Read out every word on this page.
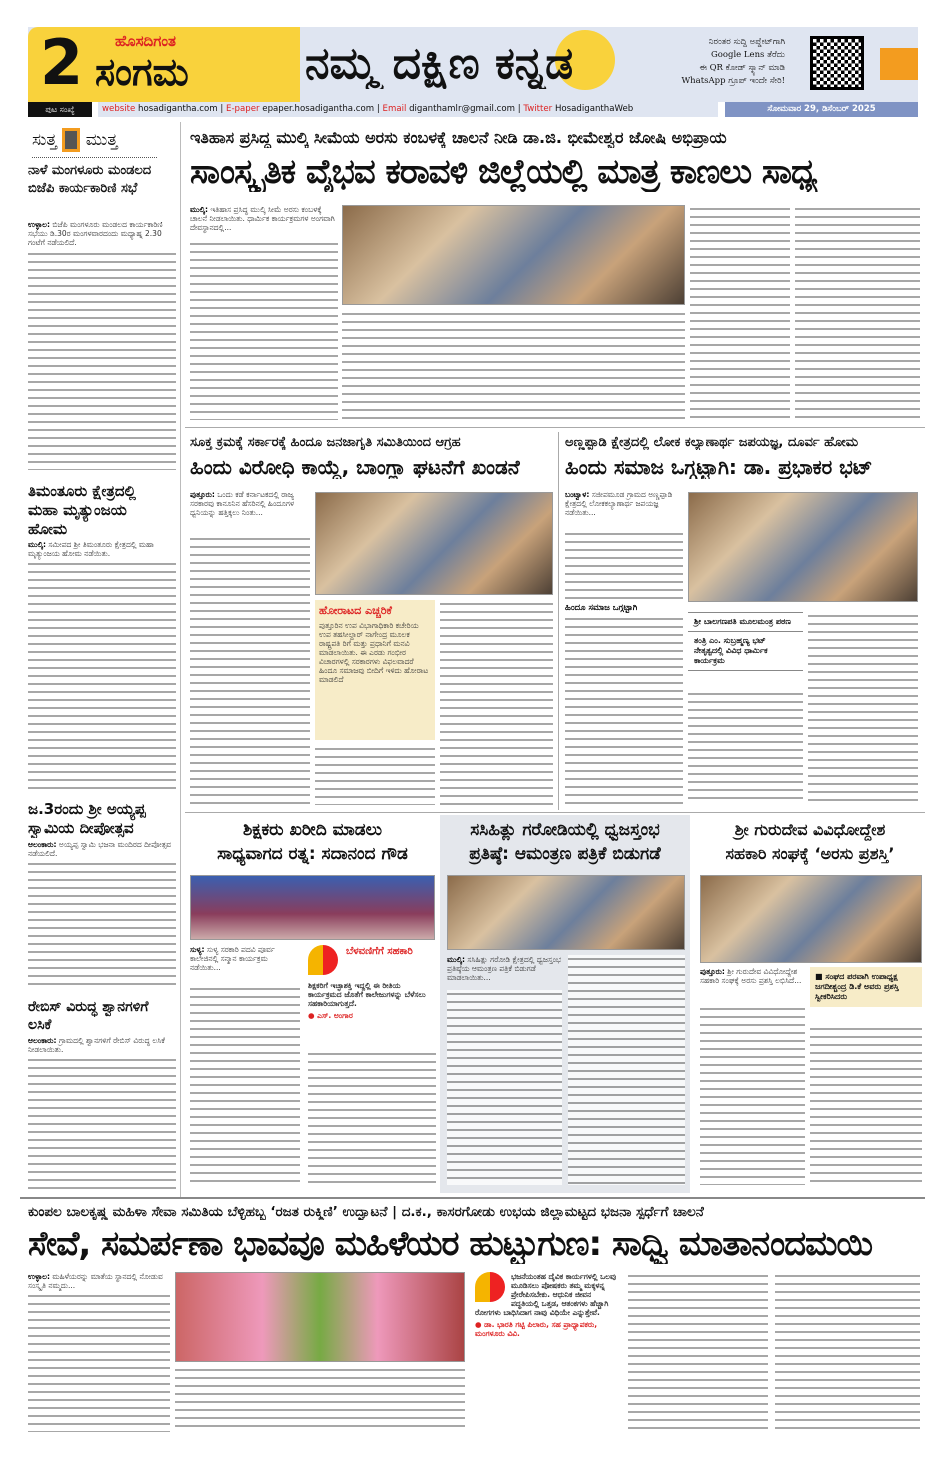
2 ಹೊಸದಿಗಂತ
ಸಂಗಮ	ನಮ್ಮ ದಕ್ಷಿಣ ಕನ್ನಡ	ನಿರಂತರ ಸುದ್ದಿ ಅಪ್ಡೇಟ್‌ಗಾಗಿ
Google Lens ತೆರೆದು
ಈ QR ಕೋಡ್ ಸ್ಕ್ಯಾನ್ ಮಾಡಿ
WhatsApp ಗ್ರೂಪ್ ಇಂದೇ ಸೇರಿ!
ಪುಟ ಸಂಖ್ಯೆ	website hosadigantha.com | E-paper epaper.hosadigantha.com | Email diganthamlr@gmail.com | Twitter HosadiganthaWeb	ಸೋಮವಾರ 29, ಡಿಸೆಂಬರ್ 2025
ಸುತ್ತ ಮುತ್ತ
ನಾಳೆ ಮಂಗಳೂರು ಮಂಡಲದ ಬಿಜೆಪಿ ಕಾರ್ಯಕಾರಿಣಿ ಸಭೆ
ಉಳ್ಳಾಲ: ಬಿಜೆಪಿ ಮಂಗಳೂರು ಮಂಡಲದ ಕಾರ್ಯಕಾರಿಣಿ ಸಭೆಯು ಡಿ.30ರ ಮಂಗಳವಾರದಂದು ಮಧ್ಯಾಹ್ನ 2.30 ಗಂಟೆಗೆ ನಡೆಯಲಿದೆ.
ತಿಮಂತೂರು ಕ್ಷೇತ್ರದಲ್ಲಿ ಮಹಾ ಮೃತ್ಯುಂಜಯ ಹೋಮ
ಮುಲ್ಕಿ: ಸಮೀಪದ ಶ್ರೀ ತಿಮಂತೂರು ಕ್ಷೇತ್ರದಲ್ಲಿ ಮಹಾ ಮೃತ್ಯುಂಜಯ ಹೋಮ ನಡೆಯಿತು.
ಜ.3ರಂದು ಶ್ರೀ ಅಯ್ಯಪ್ಪ ಸ್ವಾಮಿಯ ದೀಪೋತ್ಸವ
ಆಲಂಕಾರು: ಅಯ್ಯಪ್ಪ ಸ್ವಾಮಿ ಭಜನಾ ಮಂದಿರದ ದೀಪೋತ್ಸವ ನಡೆಯಲಿದೆ.
ರೇಬಿಸ್ ವಿರುದ್ಧ ಶ್ವಾನಗಳಿಗೆ ಲಸಿಕೆ
ಆಲಂಕಾರು: ಗ್ರಾಮದಲ್ಲಿ ಶ್ವಾನಗಳಿಗೆ ರೇಬಿಸ್ ವಿರುದ್ಧ ಲಸಿಕೆ ನೀಡಲಾಯಿತು.
ಇತಿಹಾಸ ಪ್ರಸಿದ್ಧ ಮುಲ್ಕಿ ಸೀಮೆಯ ಅರಸು ಕಂಬಳಕ್ಕೆ ಚಾಲನೆ ನೀಡಿ ಡಾ.ಜಿ. ಭೀಮೇಶ್ವರ ಜೋಷಿ ಅಭಿಪ್ರಾಯ
ಸಾಂಸ್ಕೃತಿಕ ವೈಭವ ಕರಾವಳಿ ಜಿಲ್ಲೆಯಲ್ಲಿ ಮಾತ್ರ ಕಾಣಲು ಸಾಧ್ಯ
ಮುಲ್ಕಿ: ಇತಿಹಾಸ ಪ್ರಸಿದ್ಧ ಮುಲ್ಕಿ ಸೀಮೆ ಅರಸು ಕಂಬಳಕ್ಕೆ ಚಾಲನೆ ನೀಡಲಾಯಿತು. ಧಾರ್ಮಿಕ ಕಾರ್ಯಕ್ರಮಗಳ ಅಂಗವಾಗಿ ದೇವಸ್ಥಾನದಲ್ಲಿ...
ಸೂಕ್ತ ಕ್ರಮಕ್ಕೆ ಸರ್ಕಾರಕ್ಕೆ ಹಿಂದೂ ಜನಜಾಗೃತಿ ಸಮಿತಿಯಿಂದ ಆಗ್ರಹ
ಹಿಂದು ವಿರೋಧಿ ಕಾಯ್ದೆ, ಬಾಂಗ್ಲಾ ಘಟನೆಗೆ ಖಂಡನೆ
ಪುತ್ತೂರು: ಒಂದು ಕಡೆ ಕರ್ನಾಟಕದಲ್ಲಿ ರಾಜ್ಯ ಸರಕಾರವು ಕಾನೂನಿನ ಹೆಸರಿನಲ್ಲಿ ಹಿಂದೂಗಳ ಧ್ವನಿಯನ್ನು ಹತ್ತಿಕ್ಕಲು ನಿಂತು...
ಹೋರಾಟದ ಎಚ್ಚರಿಕೆ
ಪುತ್ತೂರಿನ ಉಪ ವಿಭಾಗಾಧಿಕಾರಿ ಕಚೇರಿಯ ಉಪ ತಹಸೀಲ್ದಾರ್ ನಾಗೇಂದ್ರ ಮೂಲಕ ರಾಷ್ಟ್ರಪತಿ ರಿಗೆ ಮತ್ತು ಪ್ರಧಾನಿಗೆ ಮನವಿ ಮಾಡಲಾಯಿತು. ಈ ಎರಡು ಗಂಭೀರ ವಿಚಾರಗಳಲ್ಲಿ ಸರಕಾರಗಳು ವಿಫಲವಾದರೆ ಹಿಂದೂ ಸಮಾಜವು ಬೀದಿಗೆ ಇಳಿದು ಹೋರಾಟ ಮಾಡಲಿದೆ
ಅಣ್ಣಪ್ಪಾಡಿ ಕ್ಷೇತ್ರದಲ್ಲಿ ಲೋಕ ಕಲ್ಯಾಣಾರ್ಥ ಜಪಯಜ್ಞ, ದೂರ್ವ ಹೋಮ
ಹಿಂದು ಸಮಾಜ ಒಗ್ಗಟ್ಟಾಗಿ: ಡಾ. ಪ್ರಭಾಕರ ಭಟ್
ಬಂಟ್ವಾಳ: ಸಜೀಪಮೂಡ ಗ್ರಾಮದ ಅಣ್ಣಪ್ಪಾಡಿ ಕ್ಷೇತ್ರದಲ್ಲಿ ಲೋಕಕಲ್ಯಾಣಾರ್ಥ ಜಪಯಜ್ಞ ನಡೆಯಿತು...
ಹಿಂದೂ ಸಮಾಜ ಒಗ್ಗಟ್ಟಾಗಿ
ಶ್ರೀ ಬಾಲಗಣಪತಿ ಮೂಲಮಂತ್ರ ಪಠಣ
ತಂತ್ರಿ ಎಂ. ಸುಬ್ರಹ್ಮಣ್ಯ ಭಟ್ ನೇತೃತ್ವದಲ್ಲಿ ವಿವಿಧ ಧಾರ್ಮಿಕ ಕಾರ್ಯಕ್ರಮ
ಶಿಕ್ಷಕರು ಖರೀದಿ ಮಾಡಲು
ಸಾಧ್ಯವಾಗದ ರತ್ನ: ಸದಾನಂದ ಗೌಡ
ಸುಳ್ಯ: ಸುಳ್ಯ ಸರಕಾರಿ ಪದವಿ ಪೂರ್ವ ಕಾಲೇಜಿನಲ್ಲಿ ಸನ್ಮಾನ ಕಾರ್ಯಕ್ರಮ ನಡೆಯಿತು...
ಬೆಳವಣಿಗೆಗೆ ಸಹಕಾರಿ
ಶಿಕ್ಷಕರಿಗೆ ಇಚ್ಛಾಶಕ್ತಿ ಇದ್ದಲ್ಲಿ ಈ ರೀತಿಯ ಕಾರ್ಯಕ್ರಮದ ಜೊತೆಗೆ ಕಾಲೇಜುಗಳನ್ನು ಬೆಳೆಸಲು ಸಹಕಾರಿಯಾಗುತ್ತದೆ.
● ಎಸ್. ಅಂಗಾರ
ಸಸಿಹಿತ್ಲು ಗರೋಡಿಯಲ್ಲಿ ಧ್ವಜಸ್ತಂಭ
ಪ್ರತಿಷ್ಠೆ: ಆಮಂತ್ರಣ ಪತ್ರಿಕೆ ಬಿಡುಗಡೆ
ಮುಲ್ಕಿ: ಸಸಿಹಿತ್ಲು ಗರೋಡಿ ಕ್ಷೇತ್ರದಲ್ಲಿ ಧ್ವಜಸ್ತಂಭ ಪ್ರತಿಷ್ಠೆಯ ಆಮಂತ್ರಣ ಪತ್ರಿಕೆ ಬಿಡುಗಡೆ ಮಾಡಲಾಯಿತು...
ಶ್ರೀ ಗುರುದೇವ ವಿವಿಧೋದ್ದೇಶ
ಸಹಕಾರಿ ಸಂಘಕ್ಕೆ ‘ಅರಸು ಪ್ರಶಸ್ತಿ’
ಪುತ್ತೂರು: ಶ್ರೀ ಗುರುದೇವ ವಿವಿಧೋದ್ದೇಶ ಸಹಕಾರಿ ಸಂಘಕ್ಕೆ ಅರಸು ಪ್ರಶಸ್ತಿ ಲಭಿಸಿದೆ...	■ ಸಂಘದ ಪರವಾಗಿ ಉಪಾಧ್ಯಕ್ಷ ಜಗದೀಶ್ಚಂದ್ರ ಡಿ.ಕೆ ಅವರು ಪ್ರಶಸ್ತಿ ಸ್ವೀಕರಿಸಿದರು
ಕುಂಪಲ ಬಾಲಕೃಷ್ಣ ಮಹಿಳಾ ಸೇವಾ ಸಮಿತಿಯ ಬೆಳ್ಳಿಹಬ್ಬ ‘ರಜತ ರುಕ್ಮಿಣಿ’ ಉದ್ಘಾಟನೆ | ದ.ಕ., ಕಾಸರಗೋಡು ಉಭಯ ಜಿಲ್ಲಾಮಟ್ಟದ ಭಜನಾ ಸ್ಪರ್ಧೆಗೆ ಚಾಲನೆ
ಸೇವೆ, ಸಮರ್ಪಣಾ ಭಾವವೂ ಮಹಿಳೆಯರ ಹುಟ್ಟುಗುಣ: ಸಾಧ್ವಿ ಮಾತಾನಂದಮಯಿ
ಉಳ್ಳಾಲ: ಮಹಿಳೆಯರನ್ನು ಮಾತೆಯ ಸ್ಥಾನದಲ್ಲಿ ನೋಡುವ ಸಂಸ್ಕೃತಿ ನಮ್ಮದು...
ಭಜನೆಯಂತಹ ದೈವಿಕ ಕಾರ್ಯಗಳಲ್ಲಿ ಒಲವು ಮೂಡಿಸಲು ಪೋಷಕರು ತಮ್ಮ ಮಕ್ಕಳನ್ನ ಪ್ರೇರೇಪಿಸಬೇಕು. ಆಧುನಿಕ ಜೀವನ ಪದ್ಧತಿಯಲ್ಲಿ ಒತ್ತಡ, ಆತಂಕಗಳು ಹೆಚ್ಚಾಗಿ ರೋಗಗಳು ಬಾಧಿಸಿದಾಗ ನಾವು ವಿಧಿಯೇ ಎನ್ನುತ್ತೇವೆ.
● ಡಾ. ಭಾರತಿ ಗಟ್ಟಿ ಪಿಲಾರು, ಸಹ ಪ್ರಾಧ್ಯಾಪಕರು, ಮಂಗಳೂರು ವಿವಿ.
